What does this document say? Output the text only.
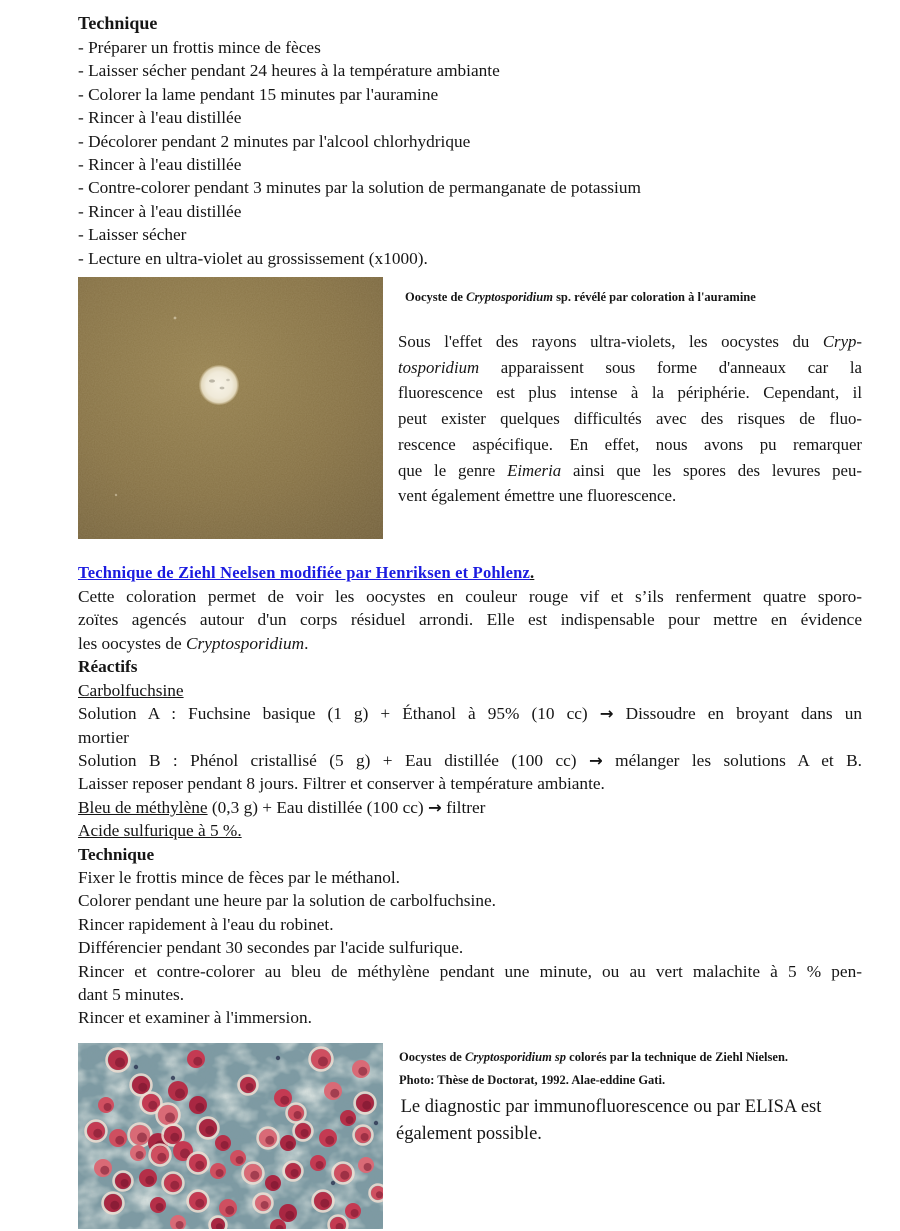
Technique
- Préparer un frottis mince de fèces
- Laisser sécher pendant 24 heures à la température ambiante
- Colorer la lame pendant 15 minutes par l'auramine
- Rincer à l'eau distillée
- Décolorer pendant 2 minutes par l'alcool chlorhydrique
- Rincer à l'eau distillée
- Contre-colorer pendant 3 minutes par la solution de permanganate de potassium
- Rincer à l'eau distillée
- Laisser sécher
- Lecture en ultra-violet au grossissement (x1000).
Oocyste de Cryptosporidium sp. révélé par coloration à l'auramine
Sous l'effet des rayons ultra-violets, les oocystes du Cryp-
tosporidium apparaissent sous forme d'anneaux car la
fluorescence est plus intense à la périphérie. Cependant, il
peut exister quelques difficultés avec des risques de fluo-
rescence aspécifique. En effet, nous avons pu remarquer
que le genre Eimeria ainsi que les spores des levures peu-
vent également émettre une fluorescence.
Technique de Ziehl Neelsen modifiée par Henriksen et Pohlenz.
Cette coloration permet de voir les oocystes en couleur rouge vif et s’ils renferment quatre sporo-
zoïtes agencés autour d'un corps résiduel arrondi. Elle est indispensable pour mettre en évidence
les oocystes de Cryptosporidium.
Réactifs
Carbolfuchsine
Solution A : Fuchsine basique (1 g) + Éthanol à 95% (10 cc) → Dissoudre en broyant dans un
mortier
Solution B : Phénol cristallisé (5 g) + Eau distillée (100 cc) → mélanger les solutions A et B.
Laisser reposer pendant 8 jours. Filtrer et conserver à température ambiante.
Bleu de méthylène (0,3 g) + Eau distillée (100 cc) → filtrer
Acide sulfurique à 5 %.
Technique
Fixer le frottis mince de fèces par le méthanol.
Colorer pendant une heure par la solution de carbolfuchsine.
Rincer rapidement à l'eau du robinet.
Différencier pendant 30 secondes par l'acide sulfurique.
Rincer et contre-colorer au bleu de méthylène pendant une minute, ou au vert malachite à 5 % pen-
dant 5 minutes.
Rincer et examiner à l'immersion.
Oocystes de Cryptosporidium sp colorés par la technique de Ziehl Nielsen.
Photo: Thèse de Doctorat, 1992. Alae-eddine Gati.
Le diagnostic par immunofluorescence ou par ELISA est
également possible.
